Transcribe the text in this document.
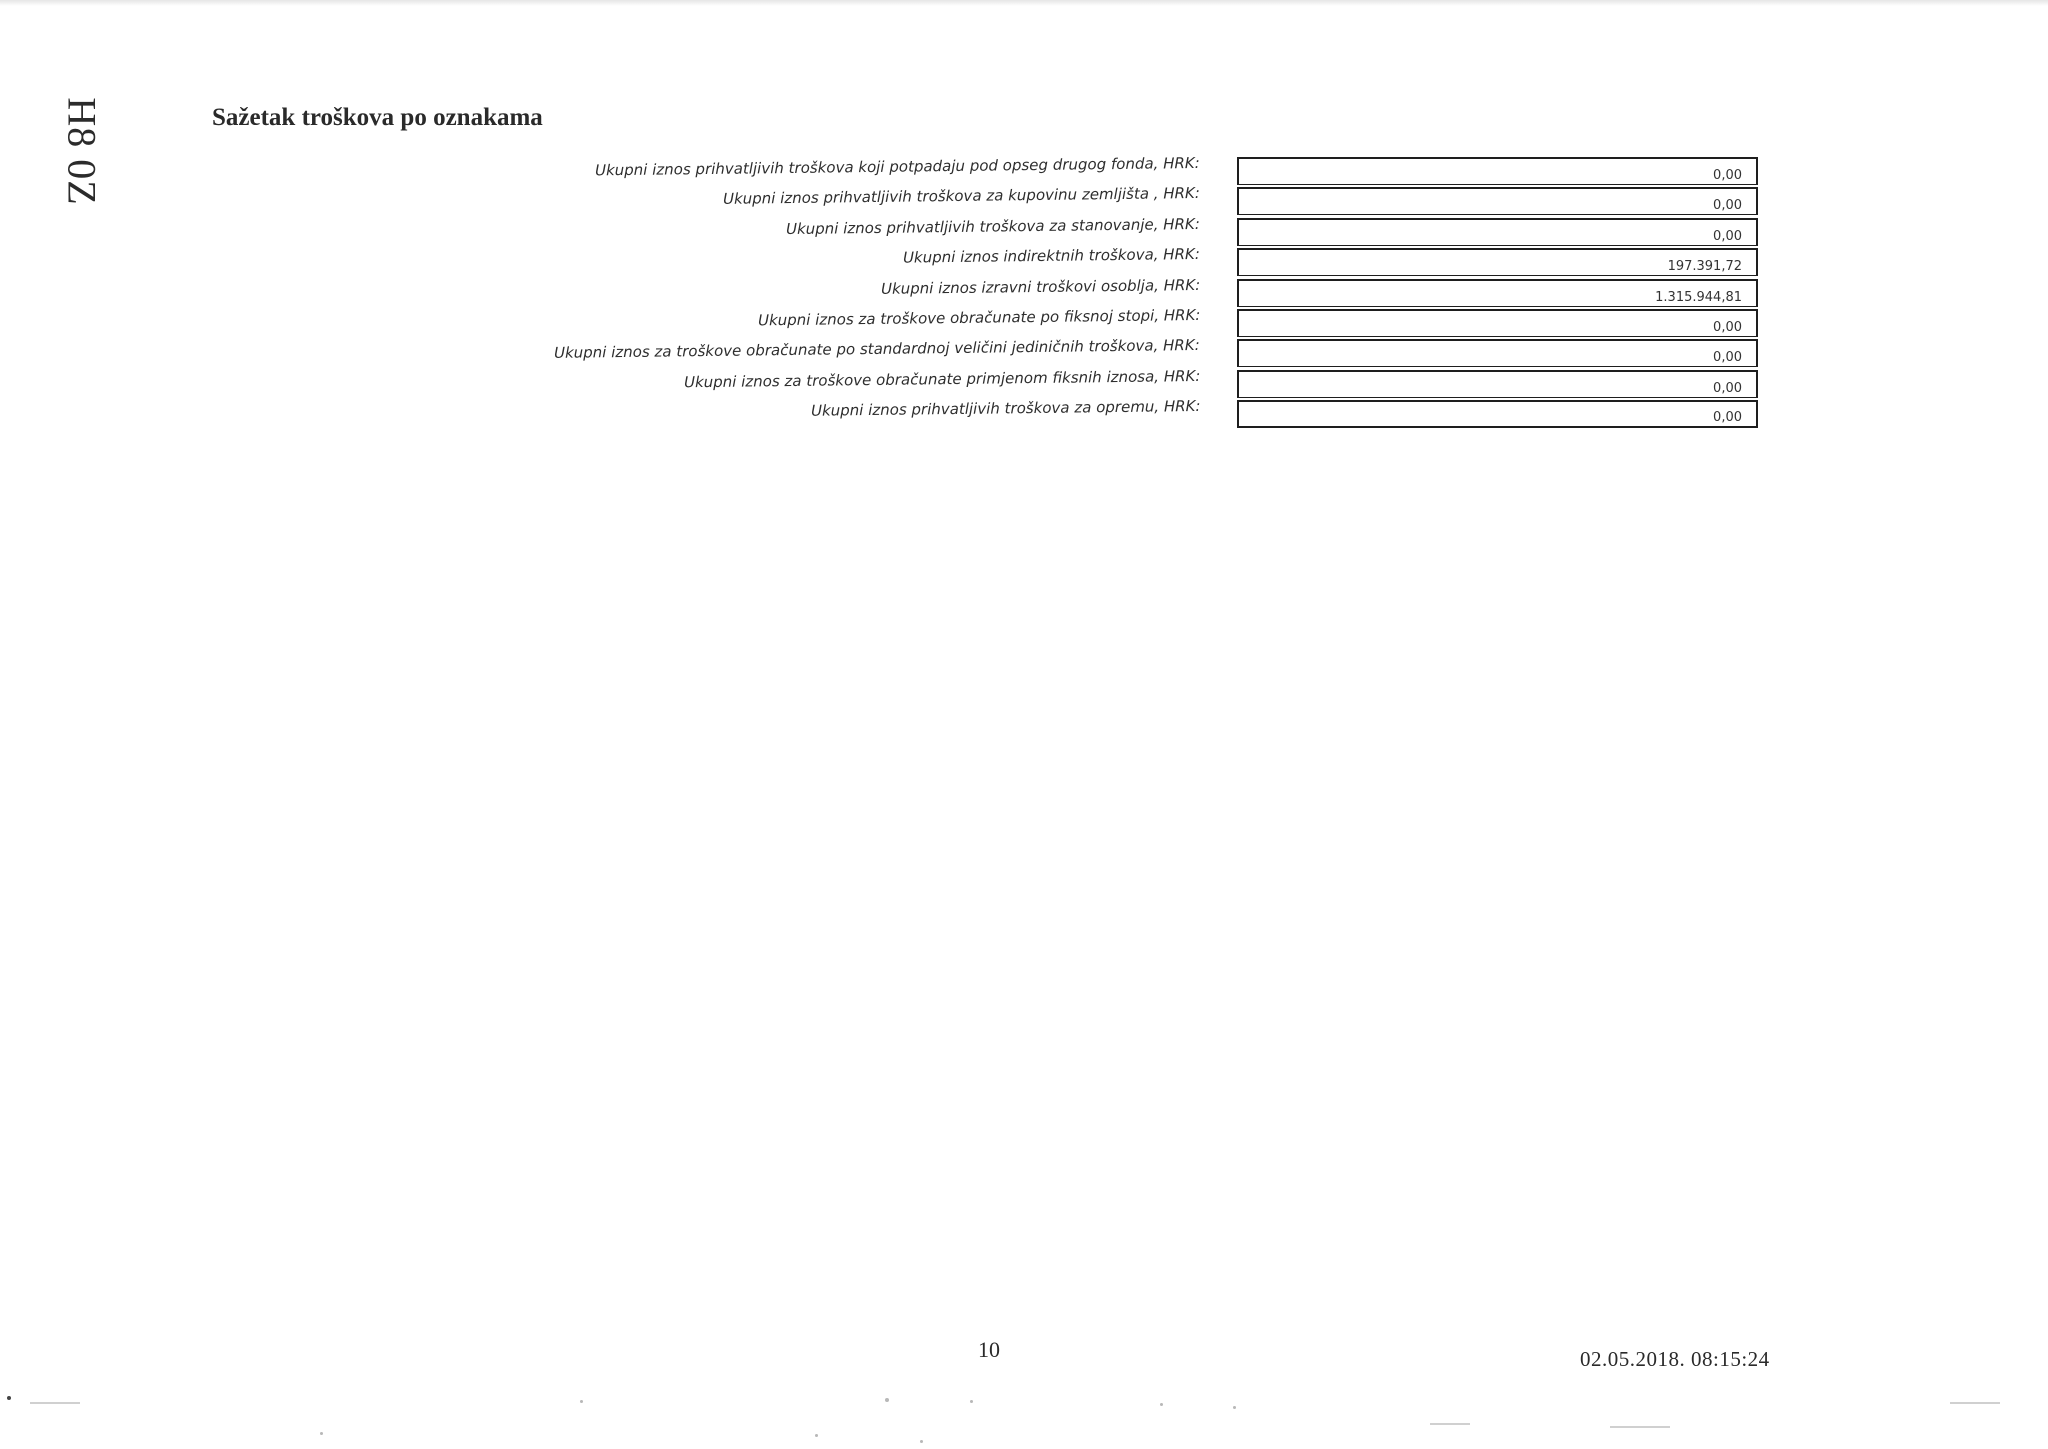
H8 0Z	Sažetak troškova po oznakama
Ukupni iznos prihvatljivih troškova koji potpadaju pod opseg drugog fonda, HRK:	0,00
Ukupni iznos prihvatljivih troškova za kupovinu zemljišta , HRK:	0,00
Ukupni iznos prihvatljivih troškova za stanovanje, HRK:	0,00
Ukupni iznos indirektnih troškova, HRK:	197.391,72
Ukupni iznos izravni troškovi osoblja, HRK:	1.315.944,81
Ukupni iznos za troškove obračunate po fiksnoj stopi, HRK:	0,00
Ukupni iznos za troškove obračunate po standardnoj veličini jediničnih troškova, HRK:	0,00
Ukupni iznos za troškove obračunate primjenom fiksnih iznosa, HRK:	0,00
Ukupni iznos prihvatljivih troškova za opremu, HRK:	0,00
10	02.05.2018. 08:15:24
